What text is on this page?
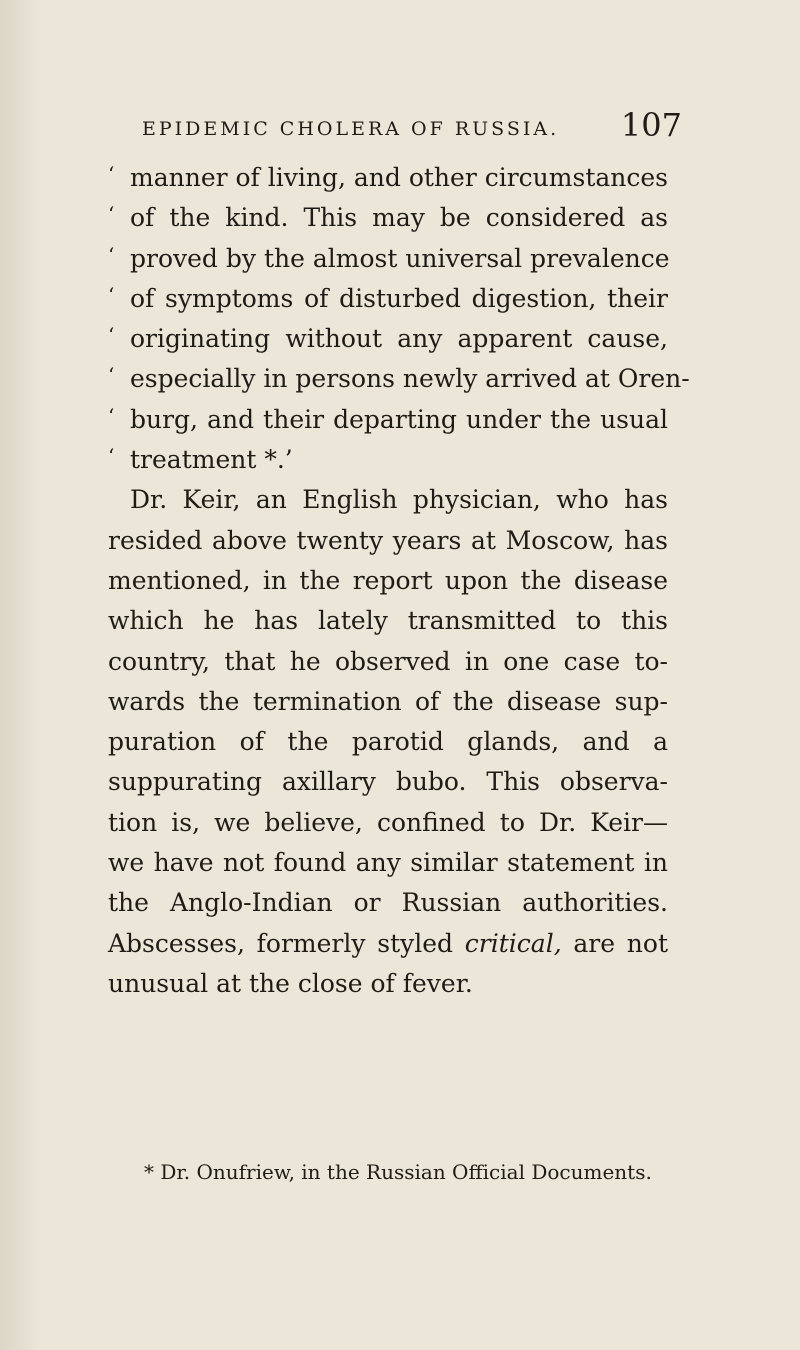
EPIDEMIC CHOLERA OF RUSSIA. 107
‘ manner of living, and other circumstances
‘ of the kind. This may be considered as
‘ proved by the almost universal prevalence
‘ of symptoms of disturbed digestion, their
‘ originating without any apparent cause,
‘ especially in persons newly arrived at Oren-
‘ burg, and their departing under the usual
‘ treatment *.’
Dr. Keir, an English physician, who has
resided above twenty years at Moscow, has
mentioned, in the report upon the disease
which he has lately transmitted to this
country, that he observed in one case to-
wards the termination of the disease sup-
puration of the parotid glands, and a
suppurating axillary bubo. This observa-
tion is, we believe, confined to Dr. Keir—
we have not found any similar statement in
the Anglo-Indian or Russian authorities.
Abscesses, formerly styled critical, are not
unusual at the close of fever.
* Dr. Onufriew, in the Russian Official Documents.
